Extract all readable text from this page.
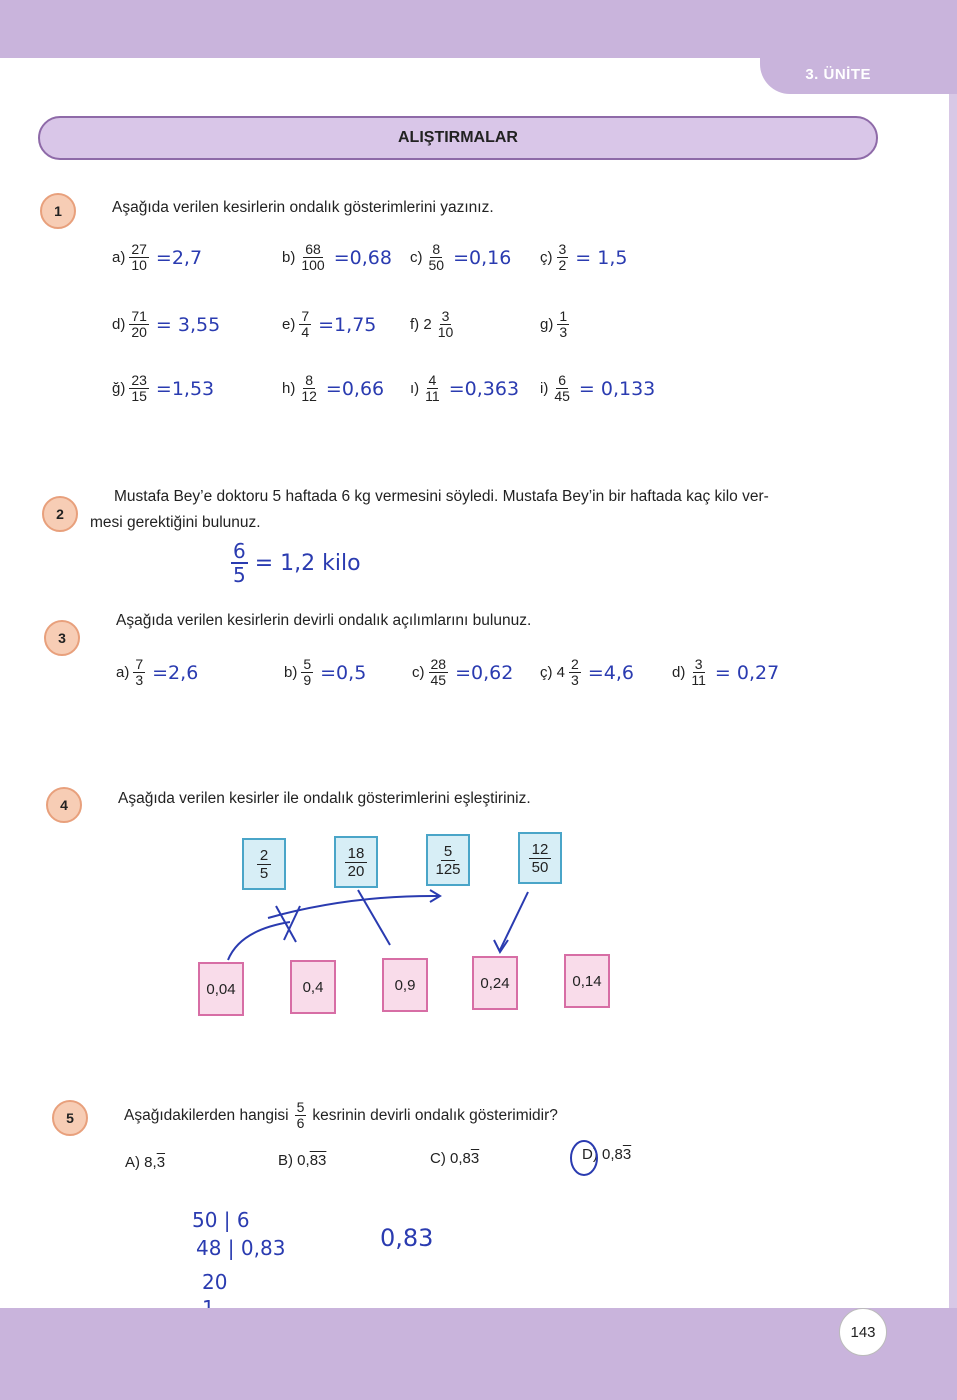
3. ÜNİTE
ALIŞTIRMALAR
1	Aşağıda verilen kesirlerin ondalık gösterimlerini yazınız.
$a) \frac{27}{10} =2,7$	$b) \frac{68}{100} =0,68$ $c) \frac{8}{50} =0,16$ ç) $\frac{3}{2} = 1,5$
$d) \frac{71}{20} = 3,55$	$e) \frac{7}{4} =1,75$ f) $2 \frac{3}{10}$	$g) \frac{1}{3}$
ğ) $\frac{23}{15} =1,53$	$h) \frac{8}{12} =0,66$ ı) $\frac{4}{11} =0,363$ $i) \frac{6}{45} = 0,133$
2
Mustafa Bey’e doktoru 5 haftada 6 kg vermesini söyledi. Mustafa Bey’in bir haftada kaç kilo ver-
mesi gerektiğini bulunuz.
$\frac{6}{5} = 1,2$ kilo
3
Aşağıda verilen kesirlerin devirli ondalık açılımlarını bulunuz.
$a) \frac{7}{3} =2,6$	$b) \frac{5}{9} =0,5$	$c) \frac{28}{45} =0,62$ ç) $4 \frac{2}{3} =4,6$	$d) \frac{3}{11} = 0,27$
4	Aşağıda verilen kesirler ile ondalık gösterimlerini eşleştiriniz.
$\frac{2}{5}$	$\frac{18}{20}$	$\frac{5}{125}$	$\frac{12}{50}$
0,04	0,4	0,9	0,24	0,14
5	Aşağıdakilerden hangisi $\frac{5}{6}$ kesrinin devirli ondalık gösterimidir?
A) 8,3	B) 0,83	C) 0,83	D) 0,83
50 | 6
48 | 0,83
20
0,83
143
